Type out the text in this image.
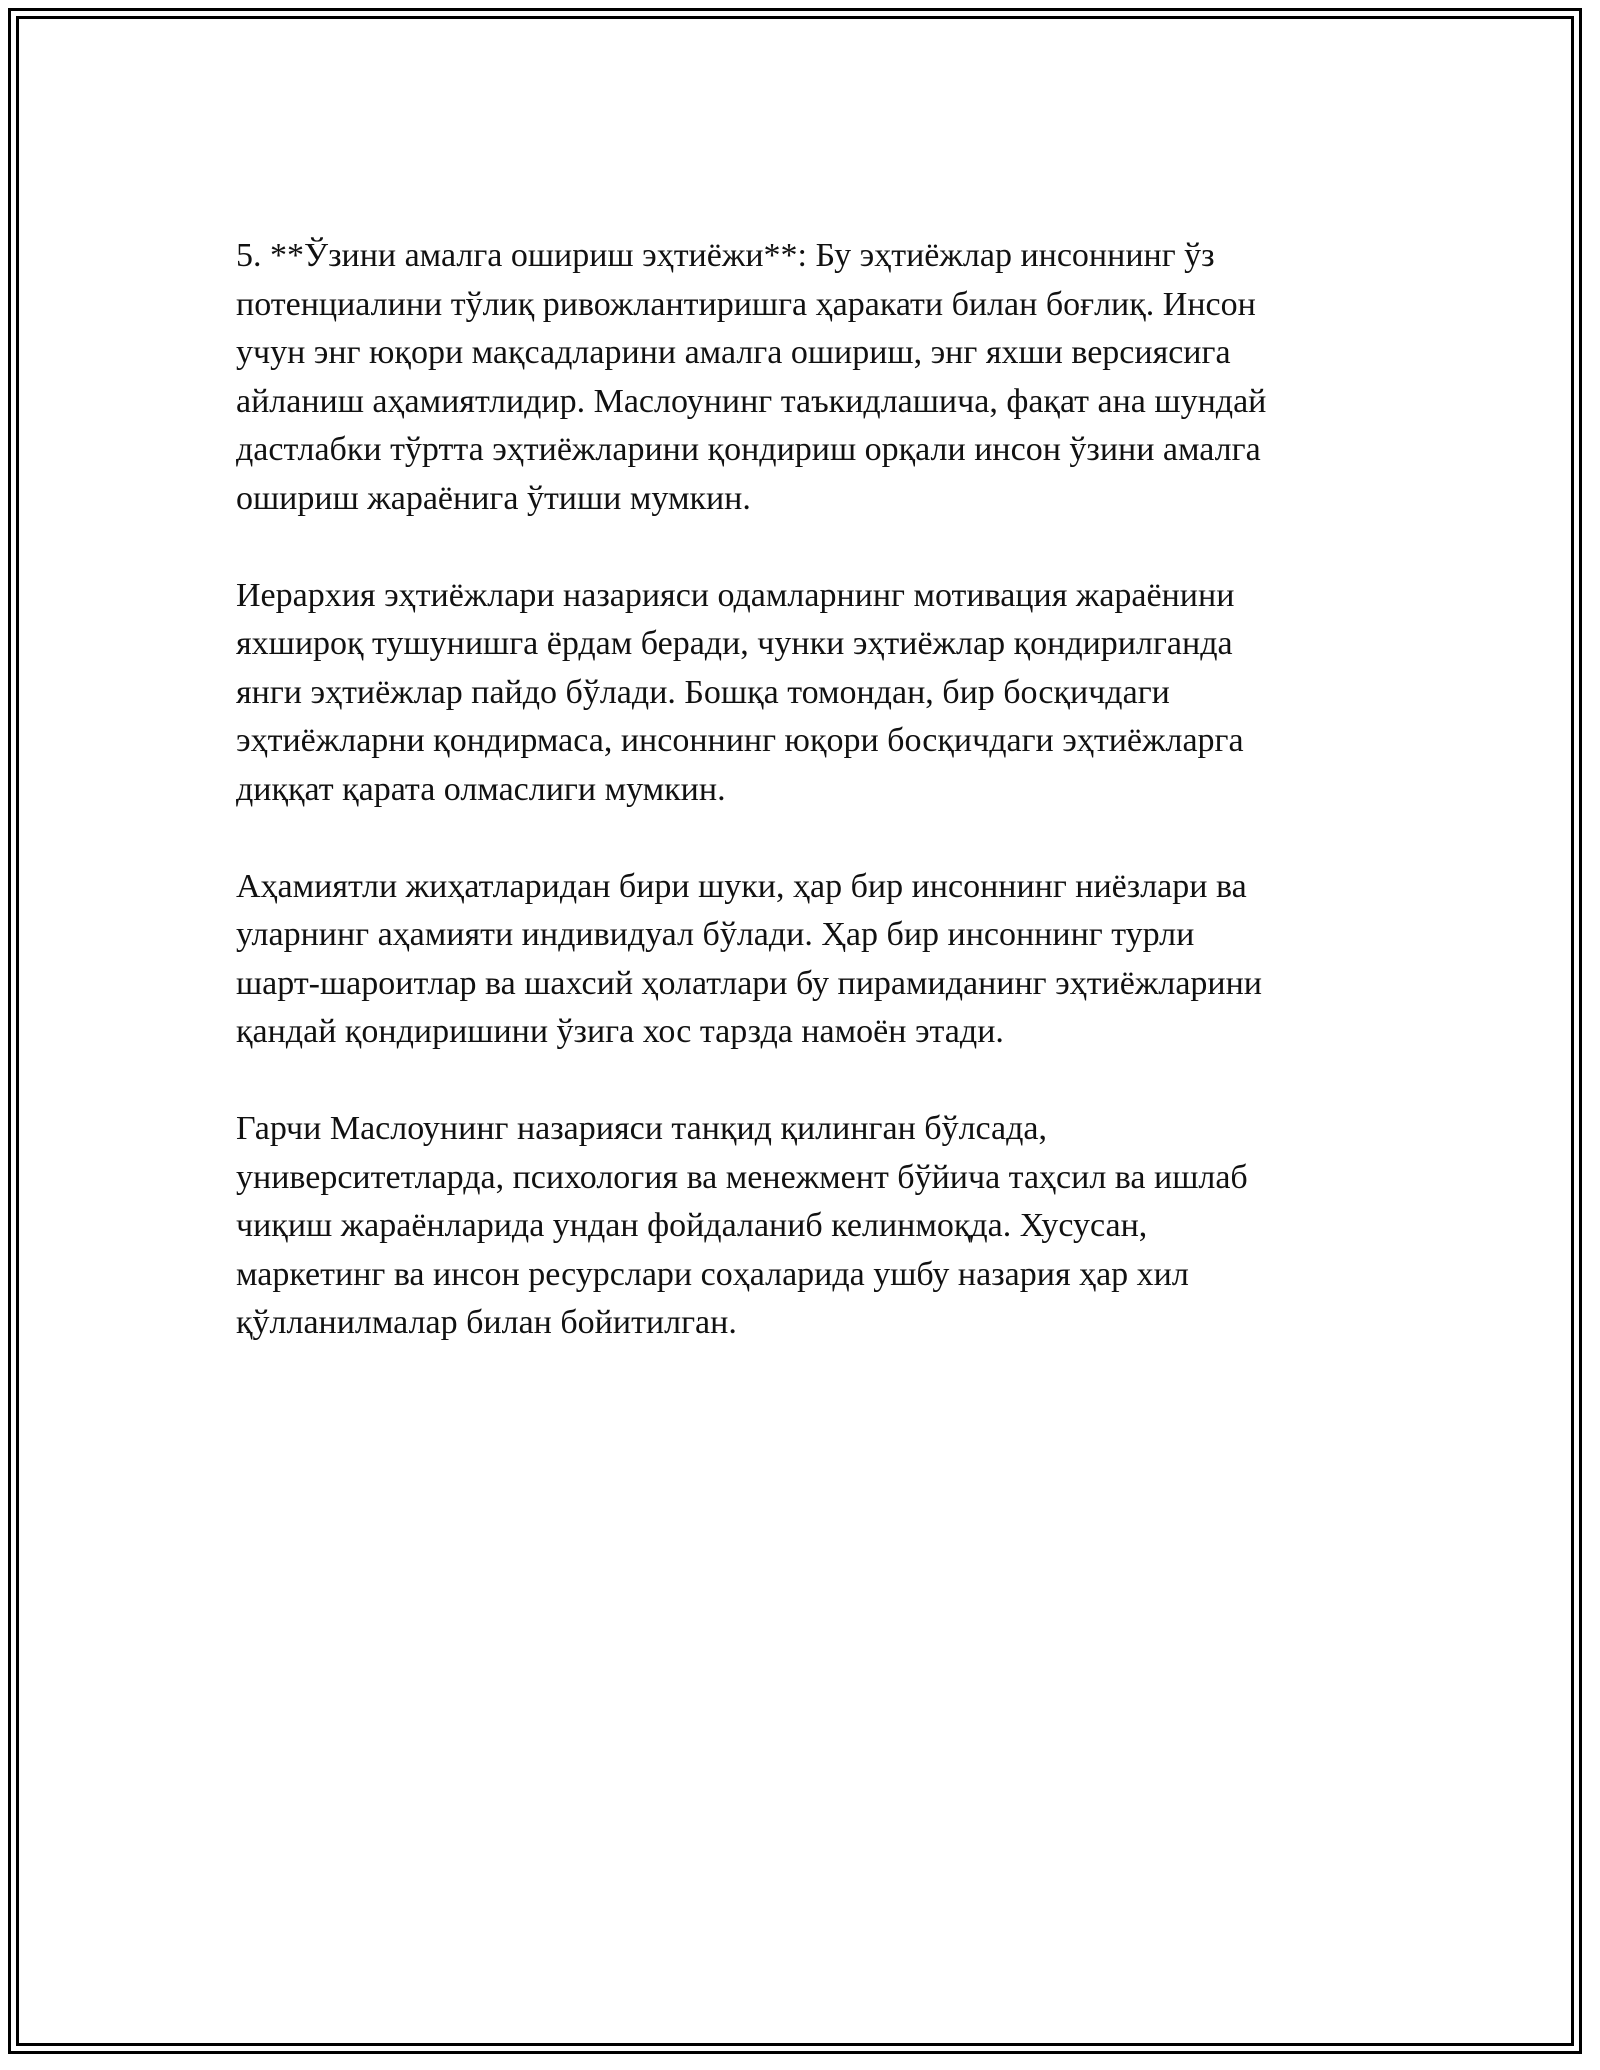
5. **Ўзини амалга ошириш эҳтиёжи**: Бу эҳтиёжлар инсоннинг ўз
потенциалини тўлиқ ривожлантиришга ҳаракати билан боғлиқ. Инсон
учун энг юқори мақсадларини амалга ошириш, энг яхши версиясига
айланиш аҳамиятлидир. Маслоунинг таъкидлашича, фақат ана шундай
дастлабки тўртта эҳтиёжларини қондириш орқали инсон ўзини амалга
ошириш жараёнига ўтиши мумкин.

Иерархия эҳтиёжлари назарияси одамларнинг мотивация жараёнини
яхшироқ тушунишга ёрдам беради, чунки эҳтиёжлар қондирилганда
янги эҳтиёжлар пайдо бўлади. Бошқа томондан, бир босқичдаги
эҳтиёжларни қондирмаса, инсоннинг юқори босқичдаги эҳтиёжларга
диққат қарата олмаслиги мумкин.

Аҳамиятли жиҳатларидан бири шуки, ҳар бир инсоннинг ниёзлари ва
уларнинг аҳамияти индивидуал бўлади. Ҳар бир инсоннинг турли
шарт-шароитлар ва шахсий ҳолатлари бу пирамиданинг эҳтиёжларини
қандай қондиришини ўзига хос тарзда намоён этади.

Гарчи Маслоунинг назарияси танқид қилинган бўлсада,
университетларда, психология ва менежмент бўйича таҳсил ва ишлаб
чиқиш жараёнларида ундан фойдаланиб келинмоқда. Хусусан,
маркетинг ва инсон ресурслари соҳаларида ушбу назария ҳар хил
қўлланилмалар билан бойитилган.
